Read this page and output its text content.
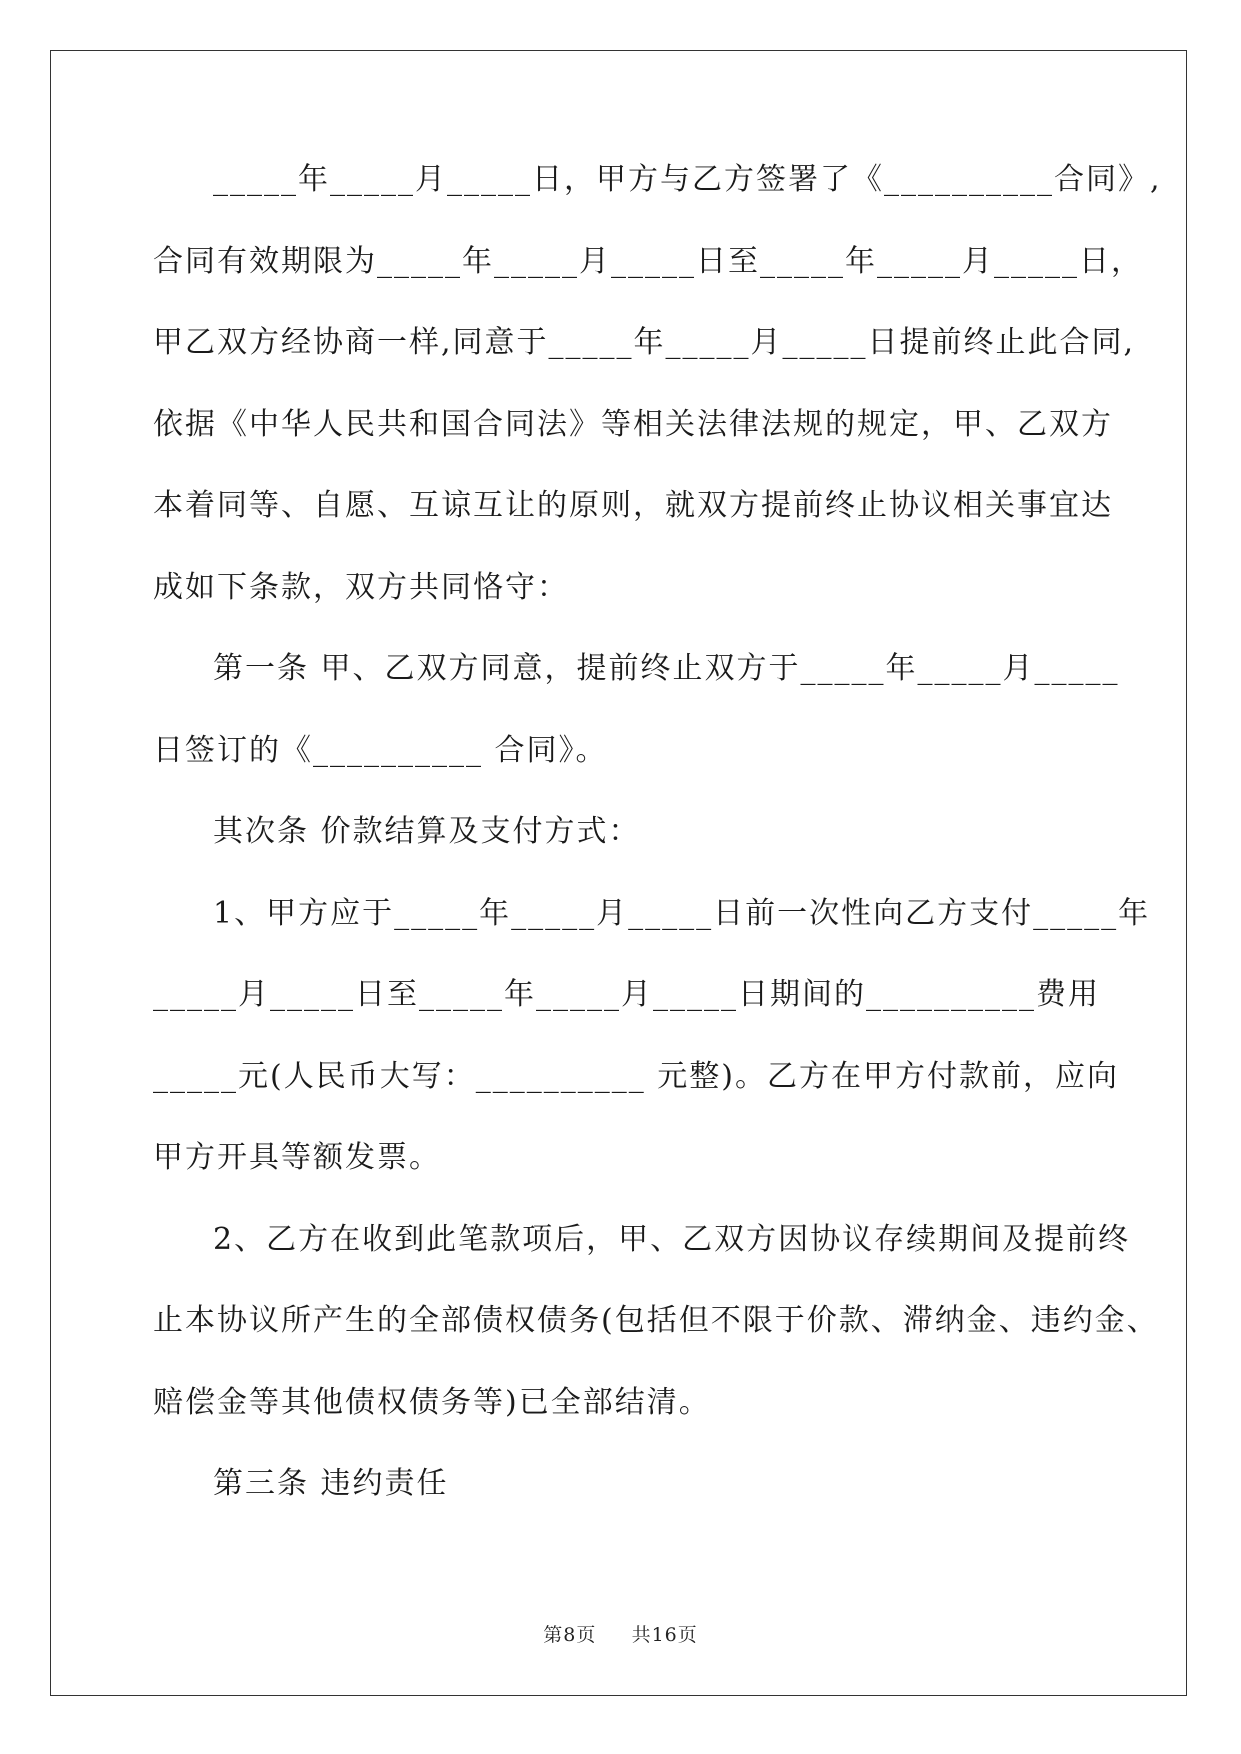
_____年_____月_____日，甲方与乙方签署了《__________合同》,
合同有效期限为_____年_____月_____日至_____年_____月_____日，
甲乙双方经协商一样,同意于_____年_____月_____日提前终止此合同,
依据《中华人民共和国合同法》等相关法律法规的规定，甲、乙双方
本着同等、自愿、互谅互让的原则，就双方提前终止协议相关事宜达
成如下条款，双方共同恪守：
第一条 甲、乙双方同意，提前终止双方于_____年_____月_____
日签订的《__________ 合同》。
其次条 价款结算及支付方式：
1、甲方应于_____年_____月_____日前一次性向乙方支付_____年
_____月_____日至_____年_____月_____日期间的__________费用
_____元(人民币大写：__________ 元整)。乙方在甲方付款前，应向
甲方开具等额发票。
2、乙方在收到此笔款项后，甲、乙双方因协议存续期间及提前终
止本协议所产生的全部债权债务(包括但不限于价款、滞纳金、违约金、
赔偿金等其他债权债务等)已全部结清。
第三条 违约责任
第8页 共16页
